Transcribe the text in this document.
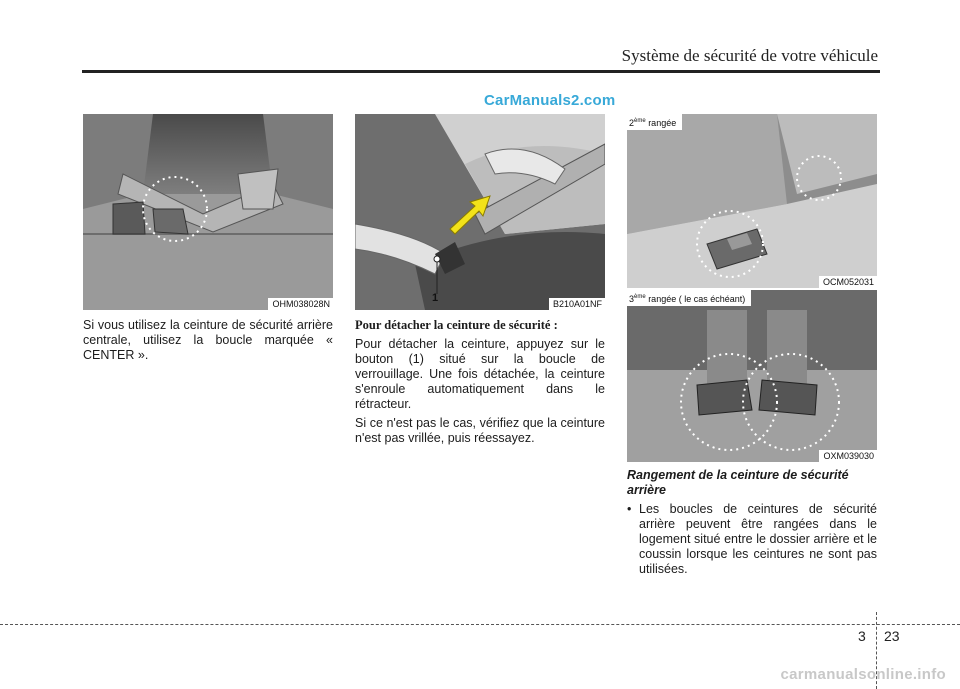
Système de sécurité de votre véhicule
CarManuals2.com
OHM038028N	1	B210A01NF
2ème rangée
OCM052031
3ème rangée ( le cas échéant)
OXM039030

Si vous utilisez la ceinture de sécurité arrière centrale, utilisez la boucle marquée « CENTER ».

Pour détacher la ceinture de sécurité :

Pour détacher la ceinture, appuyez sur le bouton (1) situé sur la boucle de verrouillage. Une fois détachée, la ceinture s'enroule automatiquement dans le rétracteur.

Si ce n'est pas le cas, vérifiez que la ceinture n'est pas vrillée, puis réessayez.

Rangement de la ceinture de sécurité arrière

• Les boucles de ceintures de sécurité arrière peuvent être rangées dans le logement situé entre le dossier arrière et le coussin lorsque les ceintures ne sont pas utilisées.
3 23
carmanualsonline.info
